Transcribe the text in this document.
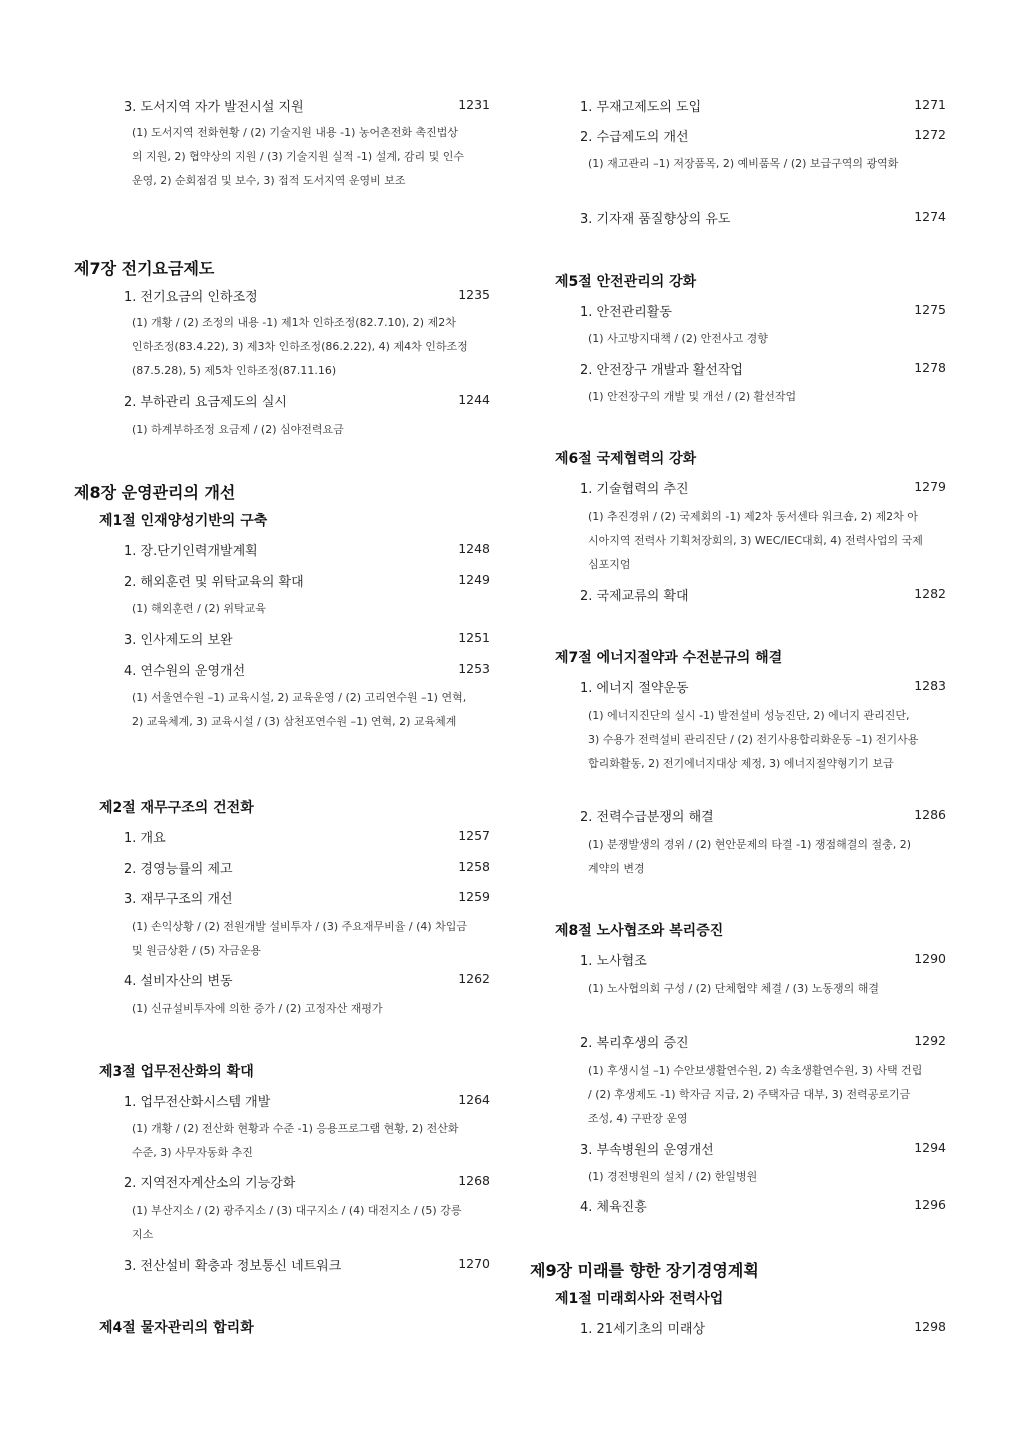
3. 도서지역 자가 발전시설 지원	1231
(1) 도서지역 전화현황 / (2) 기술지원 내용 -1) 농어촌전화 촉진법상의 지원, 2) 협약상의 지원 / (3) 기술지원 실적 -1) 설계, 감리 및 인수운영, 2) 순회점검 및 보수, 3) 접적 도서지역 운영비 보조
제7장 전기요금제도
1. 전기요금의 인하조정	1235
(1) 개황 / (2) 조정의 내용 -1) 제1차 인하조정(82.7.10), 2) 제2차 인하조정(83.4.22), 3) 제3차 인하조정(86.2.22), 4) 제4차 인하조정(87.5.28), 5) 제5차 인하조정(87.11.16)
2. 부하관리 요금제도의 실시	1244
(1) 하계부하조정 요금제 / (2) 심야전력요금
제8장 운영관리의 개선
제1절 인재양성기반의 구축
1. 장.단기인력개발계획	1248
2. 해외훈련 및 위탁교육의 확대	1249
(1) 해외훈련 / (2) 위탁교육
3. 인사제도의 보완	1251
4. 연수원의 운영개선	1253
(1) 서울연수원 –1) 교육시설, 2) 교육운영 / (2) 고리연수원 –1) 연혁, 2) 교육체계, 3) 교육시설 / (3) 삼천포연수원 –1) 연혁, 2) 교육체계
제2절 재무구조의 건전화
1. 개요	1257
2. 경영능률의 제고	1258
3. 재무구조의 개선	1259
(1) 손익상황 / (2) 전원개발 설비투자 / (3) 주요재무비율 / (4) 차입금 및 원금상환 / (5) 자금운용
4. 설비자산의 변동	1262
(1) 신규설비투자에 의한 증가 / (2) 고정자산 재평가
제3절 업무전산화의 확대
1. 업무전산화시스템 개발	1264
(1) 개황 / (2) 전산화 현황과 수준 -1) 응용프로그램 현황, 2) 전산화 수준, 3) 사무자동화 추진
2. 지역전자계산소의 기능강화	1268
(1) 부산지소 / (2) 광주지소 / (3) 대구지소 / (4) 대전지소 / (5) 강릉지소
3. 전산설비 확충과 정보통신 네트워크	1270
제4절 물자관리의 합리화
1. 무재고제도의 도입	1271
2. 수급제도의 개선	1272
(1) 재고관리 –1) 저장품목, 2) 예비품목 / (2) 보급구역의 광역화
3. 기자재 품질향상의 유도	1274
제5절 안전관리의 강화
1. 안전관리활동	1275
(1) 사고방지대책 / (2) 안전사고 경향
2. 안전장구 개발과 활선작업	1278
(1) 안전장구의 개발 및 개선 / (2) 활선작업
제6절 국제협력의 강화
1. 기술협력의 추진	1279
(1) 추진경위 / (2) 국제회의 -1) 제2차 동서센타 워크숍, 2) 제2차 아시아지역 전력사 기획처장회의, 3) WEC/IEC대회, 4) 전력사업의 국제심포지엄
2. 국제교류의 확대	1282
제7절 에너지절약과 수전분규의 해결
1. 에너지 절약운동	1283
(1) 에너지진단의 실시 -1) 발전설비 성능진단, 2) 에너지 관리진단, 3) 수용가 전력설비 관리진단 / (2) 전기사용합리화운동 –1) 전기사용합리화활동, 2) 전기에너지대상 제정, 3) 에너지절약형기기 보급
2. 전력수급분쟁의 해결	1286
(1) 분쟁발생의 경위 / (2) 현안문제의 타결 -1) 쟁점해결의 절충, 2) 계약의 변경
제8절 노사협조와 복리증진
1. 노사협조	1290
(1) 노사협의회 구성 / (2) 단체협약 체결 / (3) 노동쟁의 해결
2. 복리후생의 증진	1292
(1) 후생시설 –1) 수안보생활연수원, 2) 속초생활연수원, 3) 사택 건립 / (2) 후생제도 -1) 학자금 지급, 2) 주택자금 대부, 3) 전력공로기금 조성, 4) 구판장 운영
3. 부속병원의 운영개선	1294
(1) 경전병원의 설치 / (2) 한일병원
4. 체육진흥	1296
제9장 미래를 향한 장기경영계획
제1절 미래회사와 전력사업
1. 21세기초의 미래상	1298
